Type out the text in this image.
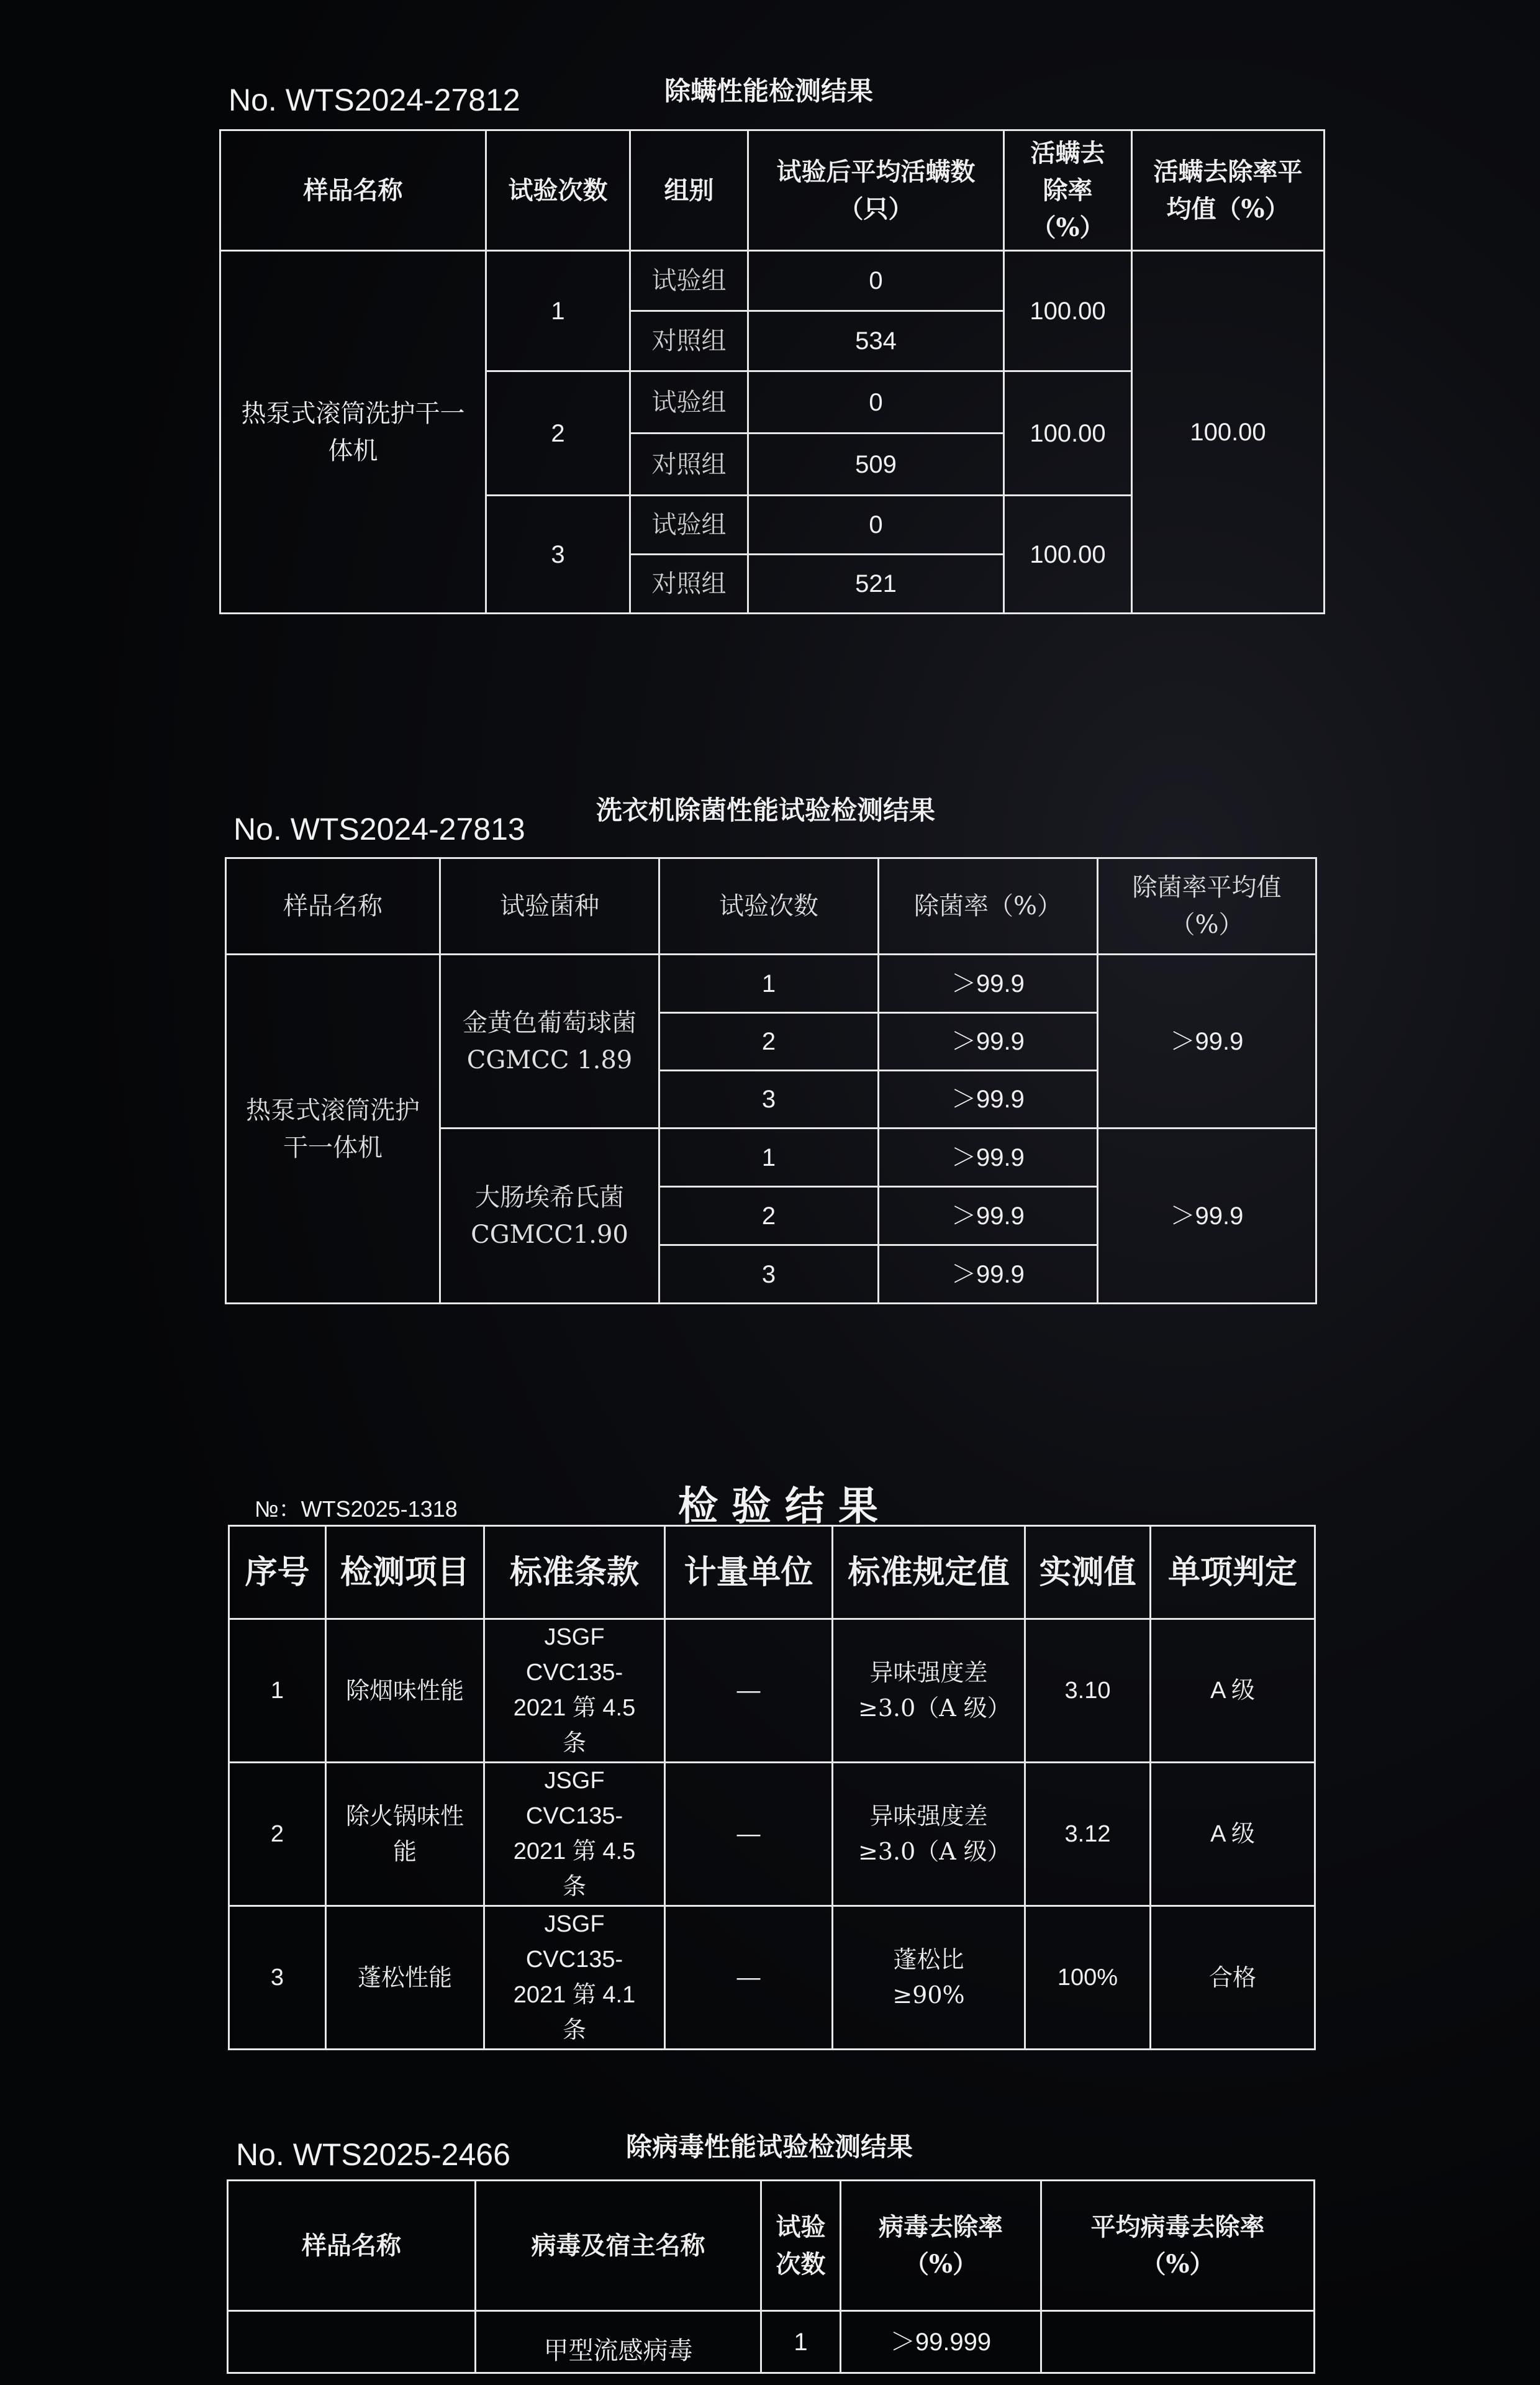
No. WTS2024-27812	除螨性能检测结果
样品名称	试验次数	组别	试验后平均活螨数（只）	活螨去除率（%）	活螨去除率平均值（%）
热泵式滚筒洗护干一体机	1	试验组	0	100.00	100.00
		对照组	534		
	2	试验组	0	100.00	
		对照组	509		
	3	试验组	0	100.00	
		对照组	521		
No. WTS2024-27813
洗衣机除菌性能试验检测结果
样品名称	试验菌种	试验次数	除菌率（%）	除菌率平均值（%）
热泵式滚筒洗护干一体机	金黄色葡萄球菌 CGMCC 1.89	1	＞99.9	＞99.9
		2	＞99.9	
		3	＞99.9	
	大肠埃希氏菌 CGMCC1.90	1	＞99.9	＞99.9
		2	＞99.9	
		3	＞99.9	
№：WTS2025-1318	检验结果
序号	检测项目	标准条款	计量单位	标准规定值	实测值	单项判定
1	除烟味性能	JSGF CVC135-2021 第 4.5 条	—	异味强度差 ≥3.0（A 级）	3.10	A 级
2	除火锅味性能	JSGF CVC135-2021 第 4.5 条	—	异味强度差 ≥3.0（A 级）	3.12	A 级
3	蓬松性能	JSGF CVC135-2021 第 4.1 条	—	蓬松比 ≥90%	100%	合格
No. WTS2025-2466	除病毒性能试验检测结果
样品名称	病毒及宿主名称	试验次数	病毒去除率（%）	平均病毒去除率（%）
	甲型流感病毒	1	＞99.999	
